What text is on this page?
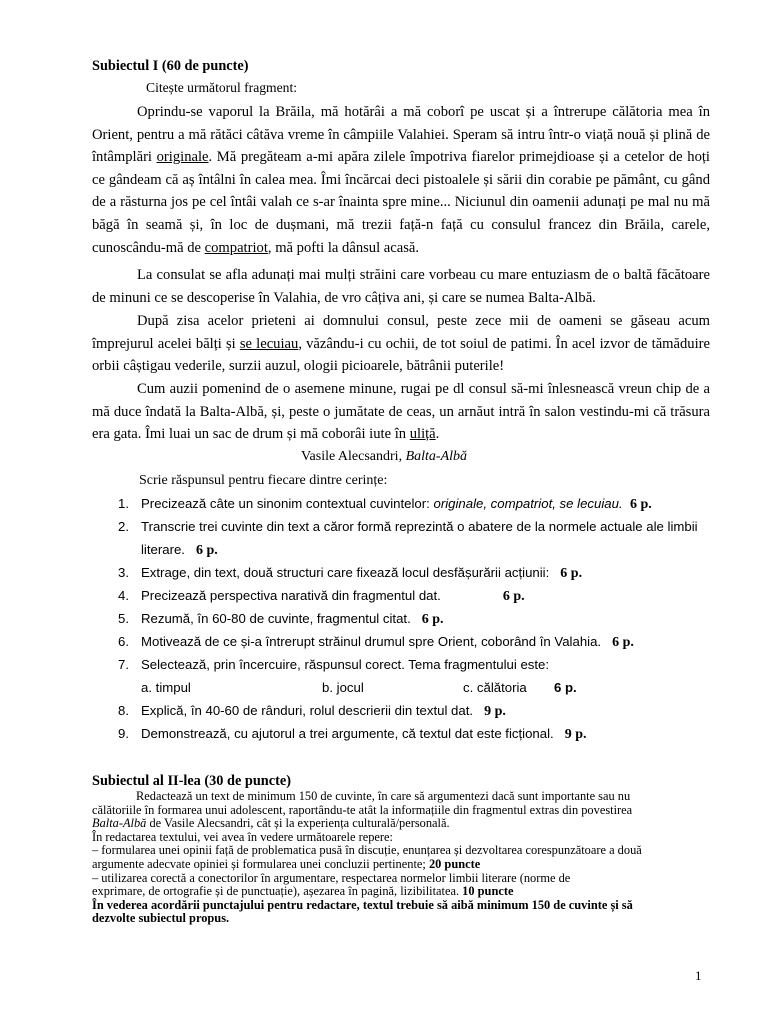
Subiectul I (60 de puncte)
Citește următorul fragment:

Oprindu-se vaporul la Brăila, mă hotărâi a mă coborî pe uscat și a întrerupe călătoria mea în Orient, pentru a mă rătăci câtăva vreme în câmpiile Valahiei. Speram să intru într-o viață nouă și plină de întâmplări originale. Mă pregăteam a-mi apăra zilele împotriva fiarelor primejdioase și a cetelor de hoți ce gândeam că aș întâlni în calea mea. Îmi încărcai deci pistoalele și sării din corabie pe pământ, cu gând de a răsturna jos pe cel întâi valah ce s-ar înainta spre mine... Niciunul din oamenii adunați pe mal nu mă băgă în seamă și, în loc de dușmani, mă trezii față-n față cu consulul francez din Brăila, carele, cunoscându-mă de compatriot, mă pofti la dânsul acasă.

La consulat se afla adunați mai mulți străini care vorbeau cu mare entuziasm de o baltă făcătoare de minuni ce se descoperise în Valahia, de vro câțiva ani, și care se numea Balta-Albă.

După zisa acelor prieteni ai domnului consul, peste zece mii de oameni se găseau acum împrejurul acelei bălți și se lecuiau, văzându-i cu ochii, de tot soiul de patimi. În acel izvor de tămăduire orbii câștigau vederile, surzii auzul, ologii picioarele, bătrânii puterile!

Cum auzii pomenind de o asemene minune, rugai pe dl consul să-mi înlesnească vreun chip de a mă duce îndată la Balta-Albă, și, peste o jumătate de ceas, un arnăut intră în salon vestindu-mi că trăsura era gata. Îmi luai un sac de drum și mă coborâi iute în uliță.

Vasile Alecsandri, Balta-Albă
Scrie răspunsul pentru fiecare dintre cerințe:
1. Precizează câte un sinonim contextual cuvintelor: originale, compatriot, se lecuiau. 6 p.
2. Transcrie trei cuvinte din text a căror formă reprezintă o abatere de la normele actuale ale limbii
literare. 6 p.
3. Extrage, din text, două structuri care fixează locul desfășurării acțiunii: 6 p.
4. Precizează perspectiva narativă din fragmentul dat.	6 p.
5. Rezumă, în 60-80 de cuvinte, fragmentul citat. 6 p.
6. Motivează de ce și-a întrerupt străinul drumul spre Orient, coborând în Valahia. 6 p.
7. Selectează, prin încercuire, răspunsul corect. Tema fragmentului este:
a. timpul	b. jocul	c. călătoria 6 p.
8. Explică, în 40-60 de rânduri, rolul descrierii din textul dat. 9 p.
9. Demonstrează, cu ajutorul a trei argumente, că textul dat este ficțional. 9 p.
Subiectul al II-lea (30 de puncte)
Redactează un text de minimum 150 de cuvinte, în care să argumentezi dacă sunt importante sau nu
călătoriile în formarea unui adolescent, raportându-te atât la informațiile din fragmentul extras din povestirea
Balta-Albă de Vasile Alecsandri, cât și la experiența culturală/personală.
În redactarea textului, vei avea în vedere următoarele repere:
– formularea unei opinii față de problematica pusă în discuție, enunțarea și dezvoltarea corespunzătoare a două
argumente adecvate opiniei și formularea unei concluzii pertinente; 20 puncte
– utilizarea corectă a conectorilor în argumentare, respectarea normelor limbii literare (norme de
exprimare, de ortografie și de punctuație), așezarea în pagină, lizibilitatea. 10 puncte
În vederea acordării punctajului pentru redactare, textul trebuie să aibă minimum 150 de cuvinte și să
dezvolte subiectul propus.
1
